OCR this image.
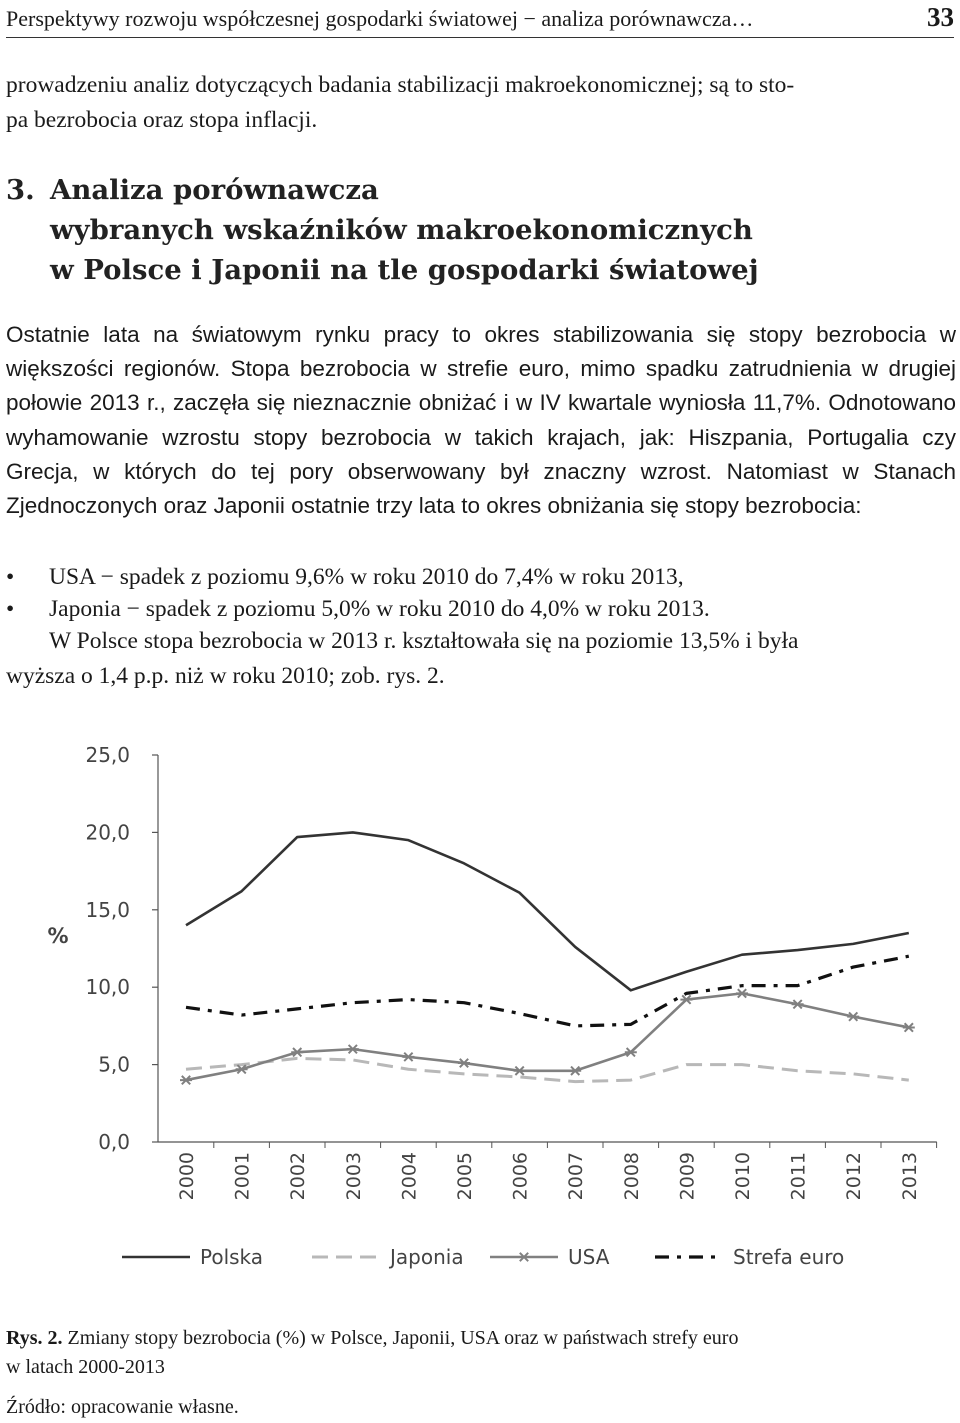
Perspektywy rozwoju współczesnej gospodarki światowej − analiza porównawcza…	33

prowadzeniu analiz dotyczących badania stabilizacji makroekonomicznej; są to sto-
pa bezrobocia oraz stopa inflacji.

3. Analiza porównawcza
wybranych wskaźników makroekonomicznych
w Polsce i Japonii na tle gospodarki światowej

Ostatnie lata na światowym rynku pracy to okres stabilizowania się stopy bezrobocia w większości regionów. Stopa bezrobocia w strefie euro, mimo spadku zatrudnienia w drugiej połowie 2013 r., zaczęła się nieznacznie obniżać i w IV kwartale wyniosła 11,7%. Odnotowano wyhamowanie wzrostu stopy bezrobocia w takich krajach, jak: Hiszpania, Portugalia czy Grecja, w których do tej pory obserwowany był znaczny wzrost. Natomiast w Stanach Zjednoczonych oraz Japonii ostatnie trzy lata to okres obniżania się stopy bezrobocia:

• USA − spadek z poziomu 9,6% w roku 2010 do 7,4% w roku 2013,
• Japonia − spadek z poziomu 5,0% w roku 2010 do 4,0% w roku 2013.

W Polsce stopa bezrobocia w 2013 r. kształtowała się na poziomie 13,5% i była
wyższa o 1,4 p.p. niż w roku 2010; zob. rys. 2.

0,0
5,0
10,0
15,0
20,0
25,0
%
2000 2001 2002 2003 2004 2005 2006 2007 2008 2009 2010 2011 2012 2013
Polska	Japonia	USA	Strefa euro

Rys. 2. Zmiany stopy bezrobocia (%) w Polsce, Japonii, USA oraz w państwach strefy euro
w latach 2000-2013

Źródło: opracowanie własne.
